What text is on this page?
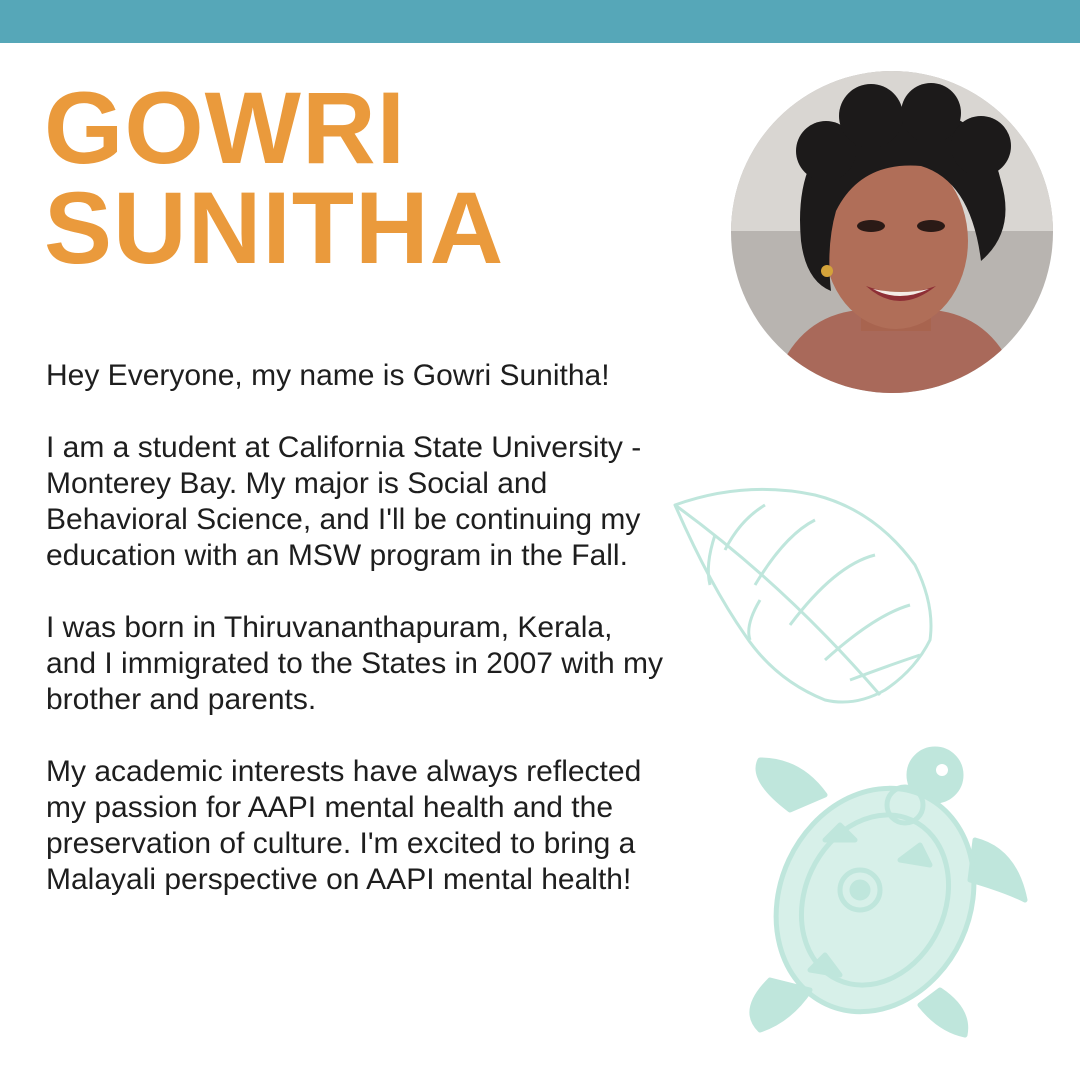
GOWRI
SUNITHA

Hey Everyone, my name is Gowri Sunitha!

I am a student at California State University - Monterey Bay. My major is Social and Behavioral Science, and I'll be continuing my education with an MSW program in the Fall.

I was born in Thiruvananthapuram, Kerala, and I immigrated to the States in 2007 with my brother and parents.

My academic interests have always reflected my passion for AAPI mental health and the preservation of culture. I'm excited to bring a Malayali perspective on AAPI mental health!
